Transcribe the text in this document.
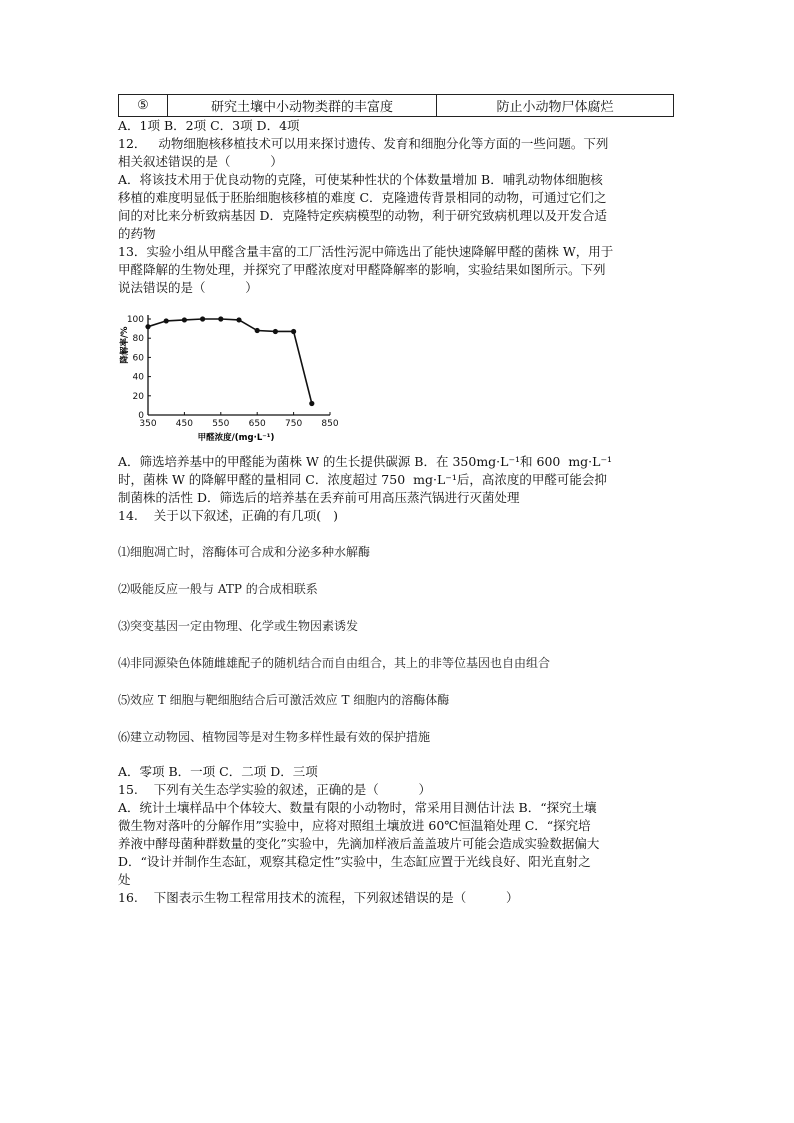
⑤	研究土壤中小动物类群的丰富度	防止小动物尸体腐烂

A．1项 B．2项 C．3项 D．4项

12．   动物细胞核移植技术可以用来探讨遗传、发育和细胞分化等方面的一些问题。下列

相关叙述错误的是（          ）

A．将该技术用于优良动物的克隆，可使某种性状的个体数量增加 B．哺乳动物体细胞核

移植的难度明显低于胚胎细胞核移植的难度 C．克隆遗传背景相同的动物，可通过它们之

间的对比来分析致病基因 D．克隆特定疾病模型的动物，利于研究致病机理以及开发合适

的药物

13．实验小组从甲醛含量丰富的工厂活性污泥中筛选出了能快速降解甲醛的菌株 W，用于

甲醛降解的生物处理，并探究了甲醛浓度对甲醛降解率的影响，实验结果如图所示。下列

说法错误的是（          ）

350 450 550 650 750 850
0
20
40
60
80
100
甲醛浓度/(mg·L⁻¹)
降解率/%

A．筛选培养基中的甲醛能为菌株 W 的生长提供碳源 B．在 350mg·L⁻¹和 600  mg·L⁻¹

时，菌株 W 的降解甲醛的量相同 C．浓度超过 750  mg·L⁻¹后，高浓度的甲醛可能会抑

制菌株的活性 D．筛选后的培养基在丢弃前可用高压蒸汽锅进行灭菌处理

14.    关于以下叙述，正确的有几项(   )

⑴细胞凋亡时，溶酶体可合成和分泌多种水解酶

⑵吸能反应一般与 ATP 的合成相联系

⑶突变基因一定由物理、化学或生物因素诱发

⑷非同源染色体随雌雄配子的随机结合而自由组合，其上的非等位基因也自由组合

⑸效应 T 细胞与靶细胞结合后可激活效应 T 细胞内的溶酶体酶

⑹建立动物园、植物园等是对生物多样性最有效的保护措施

A．零项 B．一项 C．二项 D．三项

15.    下列有关生态学实验的叙述，正确的是（          ）

A．统计土壤样品中个体较大、数量有限的小动物时，常采用目测估计法 B．“探究土壤

微生物对落叶的分解作用”实验中，应将对照组土壤放进 60℃恒温箱处理 C．“探究培

养液中酵母菌种群数量的变化”实验中，先滴加样液后盖盖玻片可能会造成实验数据偏大

D．“设计并制作生态缸，观察其稳定性”实验中，生态缸应置于光线良好、阳光直射之

处

16.    下图表示生物工程常用技术的流程，下列叙述错误的是（          ）
